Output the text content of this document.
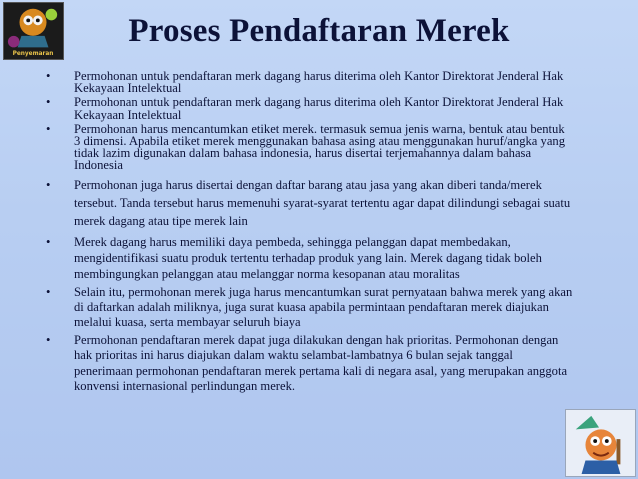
Penyemaran
Proses Pendaftaran Merek
• Permohonan untuk pendaftaran merk dagang harus diterima oleh Kantor Direktorat Jenderal Hak Kekayaan Intelektual
• Permohonan untuk pendaftaran merk dagang harus diterima oleh Kantor Direktorat Jenderal Hak Kekayaan Intelektual
• Permohonan harus mencantumkan etiket merek. termasuk semua jenis warna, bentuk atau bentuk 3 dimensi. Apabila etiket merek menggunakan bahasa asing atau menggunakan huruf/angka yang tidak lazim digunakan dalam bahasa indonesia, harus disertai terjemahannya dalam bahasa Indonesia
• Permohonan juga harus disertai dengan daftar barang atau jasa yang akan diberi tanda/merek tersebut. Tanda tersebut harus memenuhi syarat-syarat tertentu agar dapat dilindungi sebagai suatu merek dagang atau tipe merek lain
• Merek dagang harus memiliki daya pembeda, sehingga pelanggan dapat membedakan, mengidentifikasi suatu produk tertentu terhadap produk yang lain. Merek dagang tidak boleh membingungkan pelanggan atau melanggar norma kesopanan atau moralitas
• Selain itu, permohonan merek juga harus mencantumkan surat pernyataan bahwa merek yang akan di daftarkan adalah miliknya, juga surat kuasa apabila permintaan pendaftaran merek diajukan melalui kuasa, serta membayar seluruh biaya
• Permohonan pendaftaran merek dapat juga dilakukan dengan hak prioritas. Permohonan dengan hak prioritas ini harus diajukan dalam waktu selambat-lambatnya 6 bulan sejak tanggal penerimaan permohonan pendaftaran merek pertama kali di negara asal, yang merupakan anggota konvensi internasional perlindungan merek.
